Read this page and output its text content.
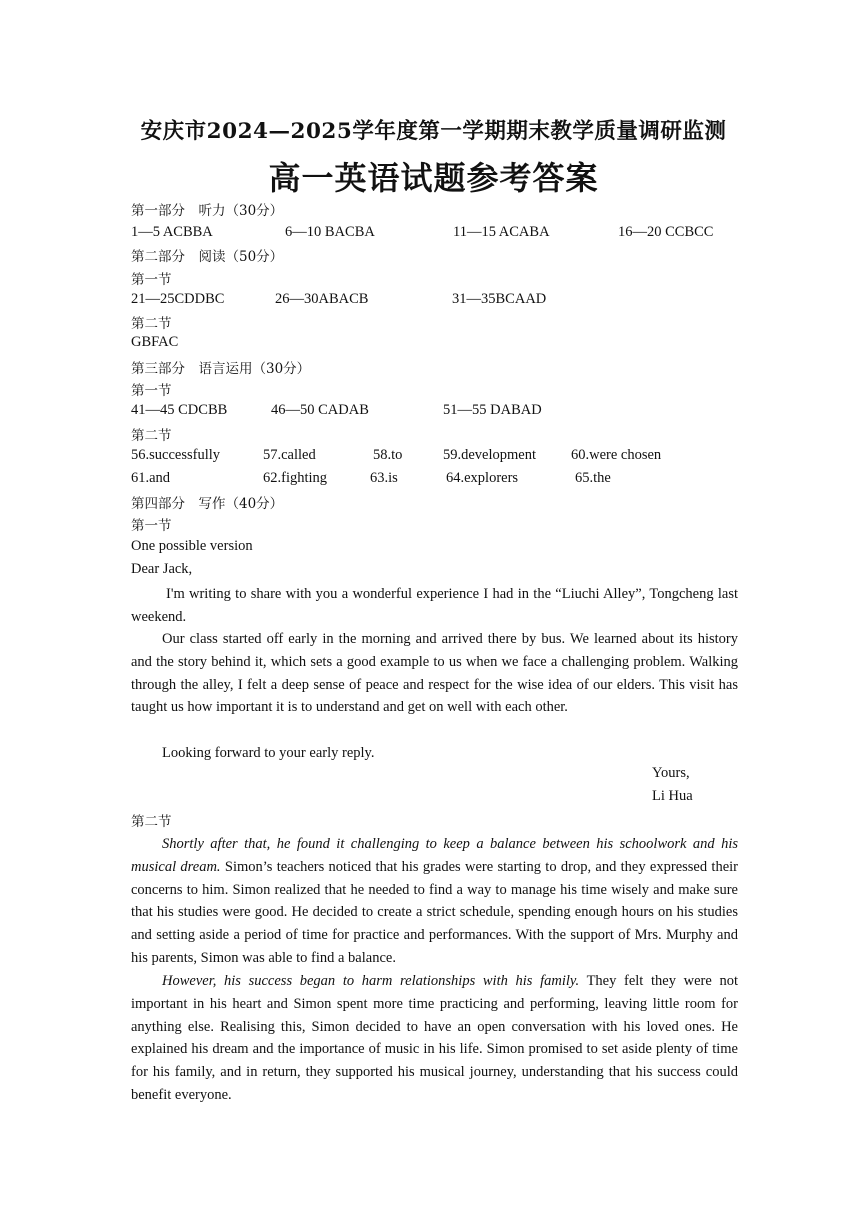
安庆市2024—2025学年度第一学期期末教学质量调研监测
高一英语试题参考答案
第一部分　听力（30分）
1—5 ACBBA	6—10 BACBA	11—15 ACABA	16—20 CCBCC
第二部分　阅读（50分）
第一节
21—25CDDBC	26—30ABACB	31—35BCAAD
第二节
GBFAC
第三部分　语言运用（30分）
第一节
41—45 CDCBB	46—50 CADAB	51—55 DABAD
第二节
56.successfully	57.called	58.to	59.development 60.were chosen
61.and	62.fighting	63.is	64.explorers	65.the
第四部分　写作（40分）
第一节
One possible version
Dear Jack,
I'm writing to share with you a wonderful experience I had in the “Liuchi Alley”, Tongcheng last weekend.
Our class started off early in the morning and arrived there by bus. We learned about its history and the story behind it, which sets a good example to us when we face a challenging problem. Walking through the alley, I felt a deep sense of peace and respect for the wise idea of our elders. This visit has taught us how important it is to understand and get on well with each other.
Looking forward to your early reply.
Yours,
Li Hua
第二节
Shortly after that, he found it challenging to keep a balance between his schoolwork and his musical dream. Simon’s teachers noticed that his grades were starting to drop, and they expressed their concerns to him. Simon realized that he needed to find a way to manage his time wisely and make sure that his studies were good. He decided to create a strict schedule, spending enough hours on his studies and setting aside a period of time for practice and performances. With the support of Mrs. Murphy and his parents, Simon was able to find a balance.
However, his success began to harm relationships with his family. They felt they were not important in his heart and Simon spent more time practicing and performing, leaving little room for anything else. Realising this, Simon decided to have an open conversation with his loved ones. He explained his dream and the importance of music in his life. Simon promised to set aside plenty of time for his family, and in return, they supported his musical journey, understanding that his success could benefit everyone.
